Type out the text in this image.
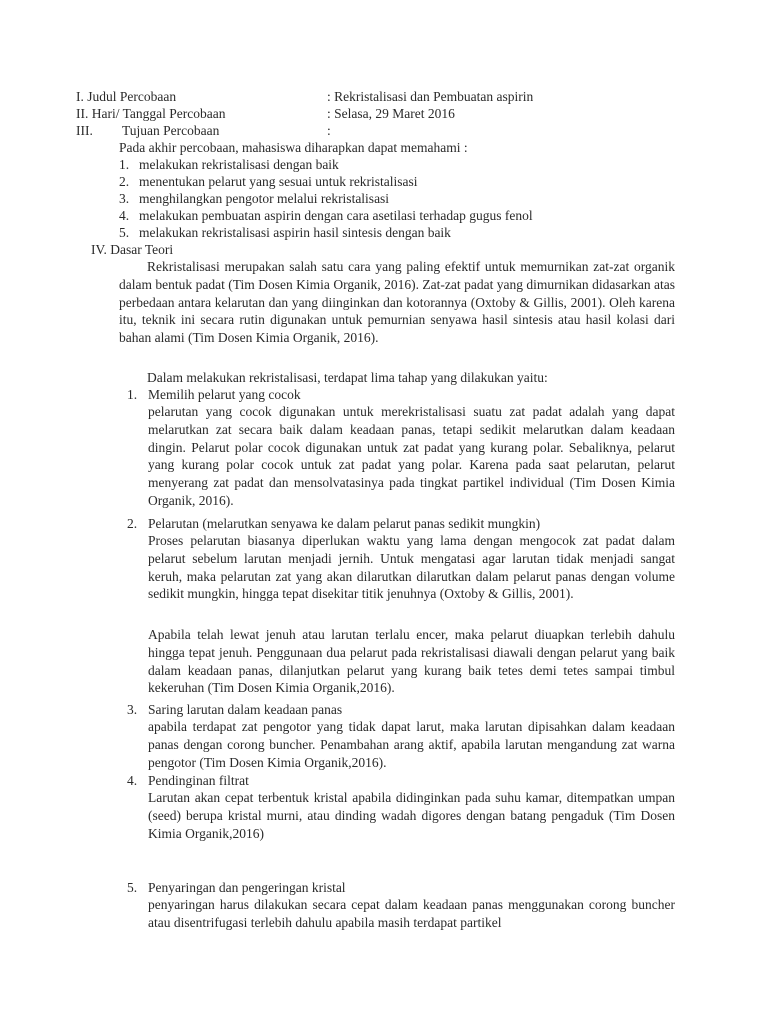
I. Judul Percobaan	: Rekristalisasi dan Pembuatan aspirin
II. Hari/ Tanggal Percobaan	: Selasa, 29 Maret 2016
III. Tujuan Percobaan	:
Pada akhir percobaan, mahasiswa diharapkan dapat memahami :
1. melakukan rekristalisasi dengan baik
2. menentukan pelarut yang sesuai untuk rekristalisasi
3. menghilangkan pengotor melalui rekristalisasi
4. melakukan pembuatan aspirin dengan cara asetilasi terhadap gugus fenol
5. melakukan rekristalisasi aspirin hasil sintesis dengan baik
IV. Dasar Teori
Rekristalisasi merupakan salah satu cara yang paling efektif untuk memurnikan zat-zat organik dalam bentuk padat (Tim Dosen Kimia Organik, 2016). Zat-zat padat yang dimurnikan didasarkan atas perbedaan antara kelarutan dan yang diinginkan dan kotorannya (Oxtoby & Gillis, 2001). Oleh karena itu, teknik ini secara rutin digunakan untuk pemurnian senyawa hasil sintesis atau hasil kolasi dari bahan alami (Tim Dosen Kimia Organik, 2016).
Dalam melakukan rekristalisasi, terdapat lima tahap yang dilakukan yaitu:
1. Memilih pelarut yang cocok
pelarutan yang cocok digunakan untuk merekristalisasi suatu zat padat adalah yang dapat melarutkan zat secara baik dalam keadaan panas, tetapi sedikit melarutkan dalam keadaan dingin. Pelarut polar cocok digunakan untuk zat padat yang kurang polar. Sebaliknya, pelarut yang kurang polar cocok untuk zat padat yang polar. Karena pada saat pelarutan, pelarut menyerang zat padat dan mensolvatasinya pada tingkat partikel individual (Tim Dosen Kimia Organik, 2016).
2. Pelarutan (melarutkan senyawa ke dalam pelarut panas sedikit mungkin)
Proses pelarutan biasanya diperlukan waktu yang lama dengan mengocok zat padat dalam pelarut sebelum larutan menjadi jernih. Untuk mengatasi agar larutan tidak menjadi sangat keruh, maka pelarutan zat yang akan dilarutkan dilarutkan dalam pelarut panas dengan volume sedikit mungkin, hingga tepat disekitar titik jenuhnya (Oxtoby & Gillis, 2001).
Apabila telah lewat jenuh atau larutan terlalu encer, maka pelarut diuapkan terlebih dahulu hingga tepat jenuh. Penggunaan dua pelarut pada rekristalisasi diawali dengan pelarut yang baik dalam keadaan panas, dilanjutkan pelarut yang kurang baik tetes demi tetes sampai timbul kekeruhan (Tim Dosen Kimia Organik,2016).
3. Saring larutan dalam keadaan panas
apabila terdapat zat pengotor yang tidak dapat larut, maka larutan dipisahkan dalam keadaan panas dengan corong buncher. Penambahan arang aktif, apabila larutan mengandung zat warna pengotor (Tim Dosen Kimia Organik,2016).
4. Pendinginan filtrat
Larutan akan cepat terbentuk kristal apabila didinginkan pada suhu kamar, ditempatkan umpan (seed) berupa kristal murni, atau dinding wadah digores dengan batang pengaduk (Tim Dosen Kimia Organik,2016)
5. Penyaringan dan pengeringan kristal
penyaringan harus dilakukan secara cepat dalam keadaan panas menggunakan corong buncher atau disentrifugasi terlebih dahulu apabila masih terdapat partikel
